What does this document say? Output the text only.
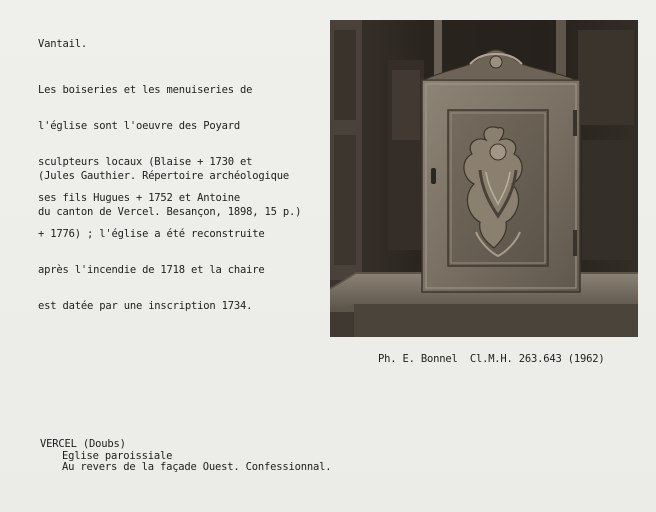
Vantail.

Les boiseries et les menuiseries de

l'église sont l'oeuvre des Poyard

sculpteurs locaux (Blaise + 1730 et

ses fils Hugues + 1752 et Antoine

+ 1776) ; l'église a été reconstruite

après l'incendie de 1718 et la chaire

est datée par une inscription 1734.

(Jules Gauthier. Répertoire archéologique

du canton de Vercel. Besançon, 1898, 15 p.)

Ph. E. Bonnel  Cl.M.H. 263.643 (1962)
VERCEL (Doubs)
Eglise paroissiale
Au revers de la façade Ouest. Confessionnal.
